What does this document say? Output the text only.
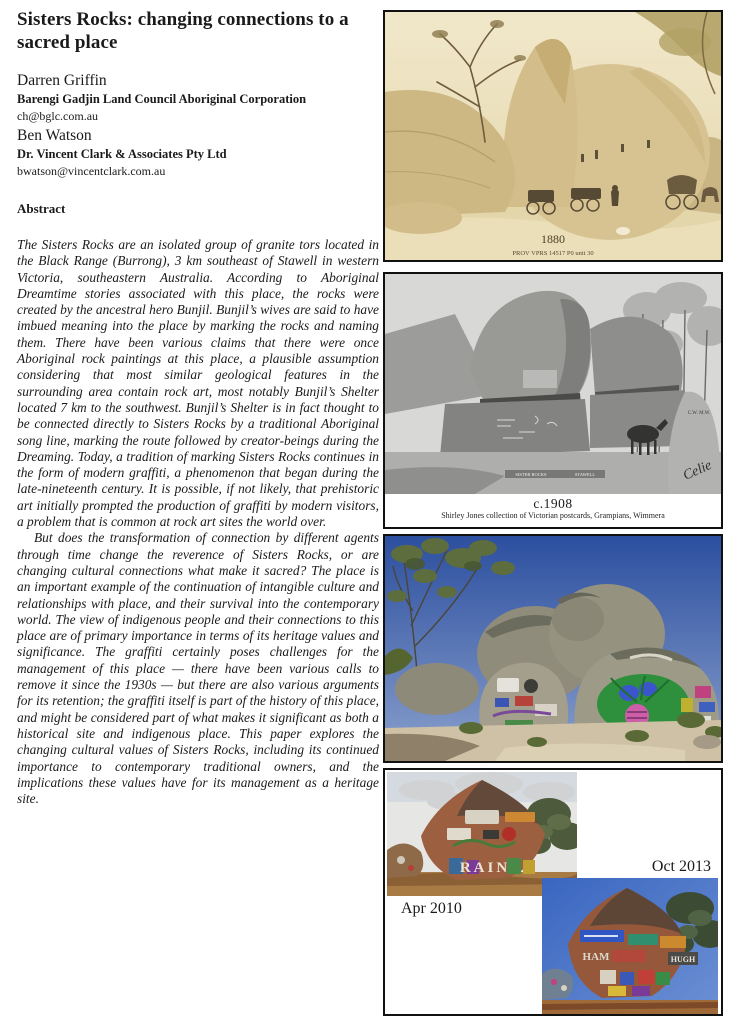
Sisters Rocks: changing connections to a sacred place
Darren Griffin
Barengi Gadjin Land Council Aboriginal Corporation
ch@bglc.com.au
Ben Watson
Dr. Vincent Clark & Associates Pty Ltd
bwatson@vincentclark.com.au
Abstract

The Sisters Rocks are an isolated group of granite tors located in the Black Range (Burrong), 3 km southeast of Stawell in western Victoria, southeastern Australia. According to Aboriginal Dreamtime stories associated with this place, the rocks were created by the ancestral hero Bunjil. Bunjil’s wives are said to have imbued meaning into the place by marking the rocks and naming them. There have been various claims that there were once Aboriginal rock paintings at this place, a plausible assumption considering that most similar geological features in the surrounding area contain rock art, most notably Bunjil’s Shelter located 7 km to the southwest. Bunjil’s Shelter is in fact thought to be connected directly to Sisters Rocks by a traditional Aboriginal song line, marking the route followed by creator-beings during the Dreaming. Today, a tradition of marking Sisters Rocks continues in the form of modern graffiti, a phenomenon that began during the late-nineteenth century. It is possible, if not likely, that prehistoric art initially prompted the production of graffiti by modern visitors, a problem that is common at rock art sites the world over.

But does the transformation of connection by different agents through time change the reverence of Sisters Rocks, or are changing cultural connections what make it sacred? The place is an important example of the continuation of intangible culture and relationships with place, and their survival into the contemporary world. The view of indigenous people and their connections to this place are of primary importance in terms of its heritage values and significance. The graffiti certainly poses challenges for the management of this place — there have been various calls to remove it since the 1930s — but there are also various arguments for its retention; the graffiti itself is part of the history of this place, and might be considered part of what makes it significant as both a historical site and indigenous place. This paper explores the changing cultural values of Sisters Rocks, including its continued importance to contemporary traditional owners, and the implications these values have for its management as a heritage site.

1880
PROV VPRS 14517 P0 unit 30
C.W. M.W.
Celie
SISTER ROCKS	STAWELL
c.1908
Shirley Jones collection of Victorian postcards, Grampians, Wimmera
RAIN
Apr 2010
Oct 2013
HAM	HUGH
